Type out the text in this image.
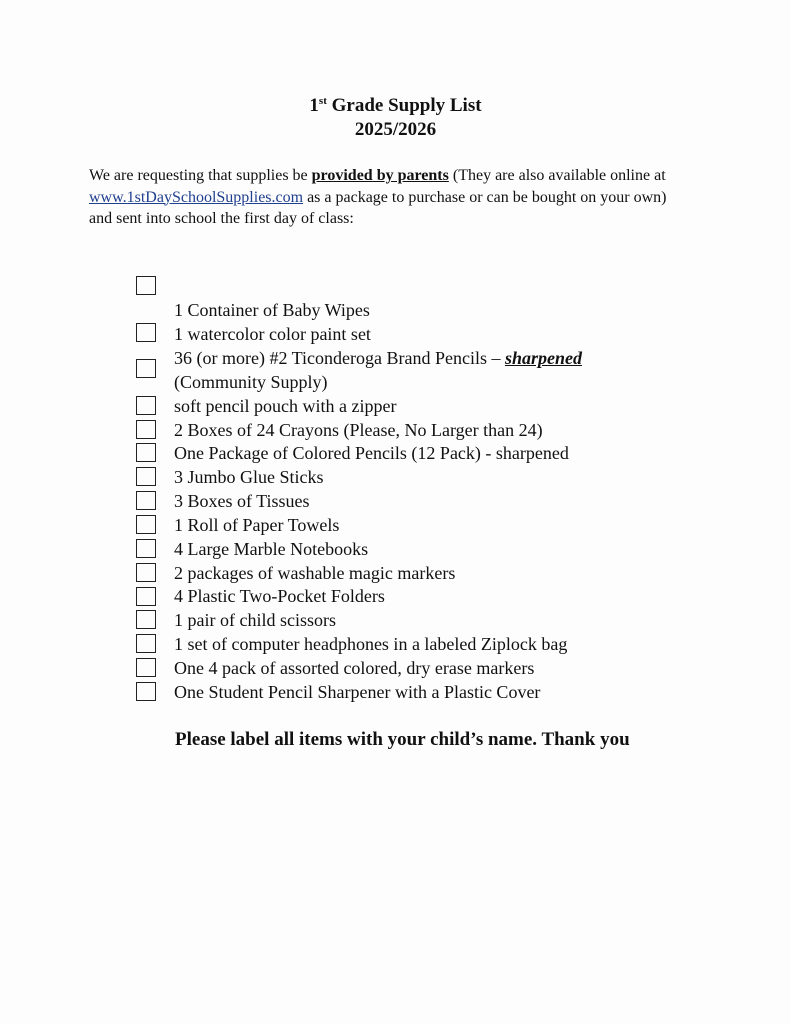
1st Grade Supply List
2025/2026
We are requesting that supplies be provided by parents (They are also available online at www.1stDaySchoolSupplies.com as a package to purchase or can be bought on your own) and sent into school the first day of class:
1 Container of Baby Wipes
1 watercolor color paint set
36 (or more) #2 Ticonderoga Brand Pencils – sharpened
(Community Supply)
soft pencil pouch with a zipper
2 Boxes of 24 Crayons (Please, No Larger than 24)
One Package of Colored Pencils (12 Pack) - sharpened
3 Jumbo Glue Sticks
3 Boxes of Tissues
1 Roll of Paper Towels
4 Large Marble Notebooks
2 packages of washable magic markers
4 Plastic Two-Pocket Folders
1 pair of child scissors
1 set of computer headphones in a labeled Ziplock bag
One 4 pack of assorted colored, dry erase markers
One Student Pencil Sharpener with a Plastic Cover
Please label all items with your child’s name. Thank you
